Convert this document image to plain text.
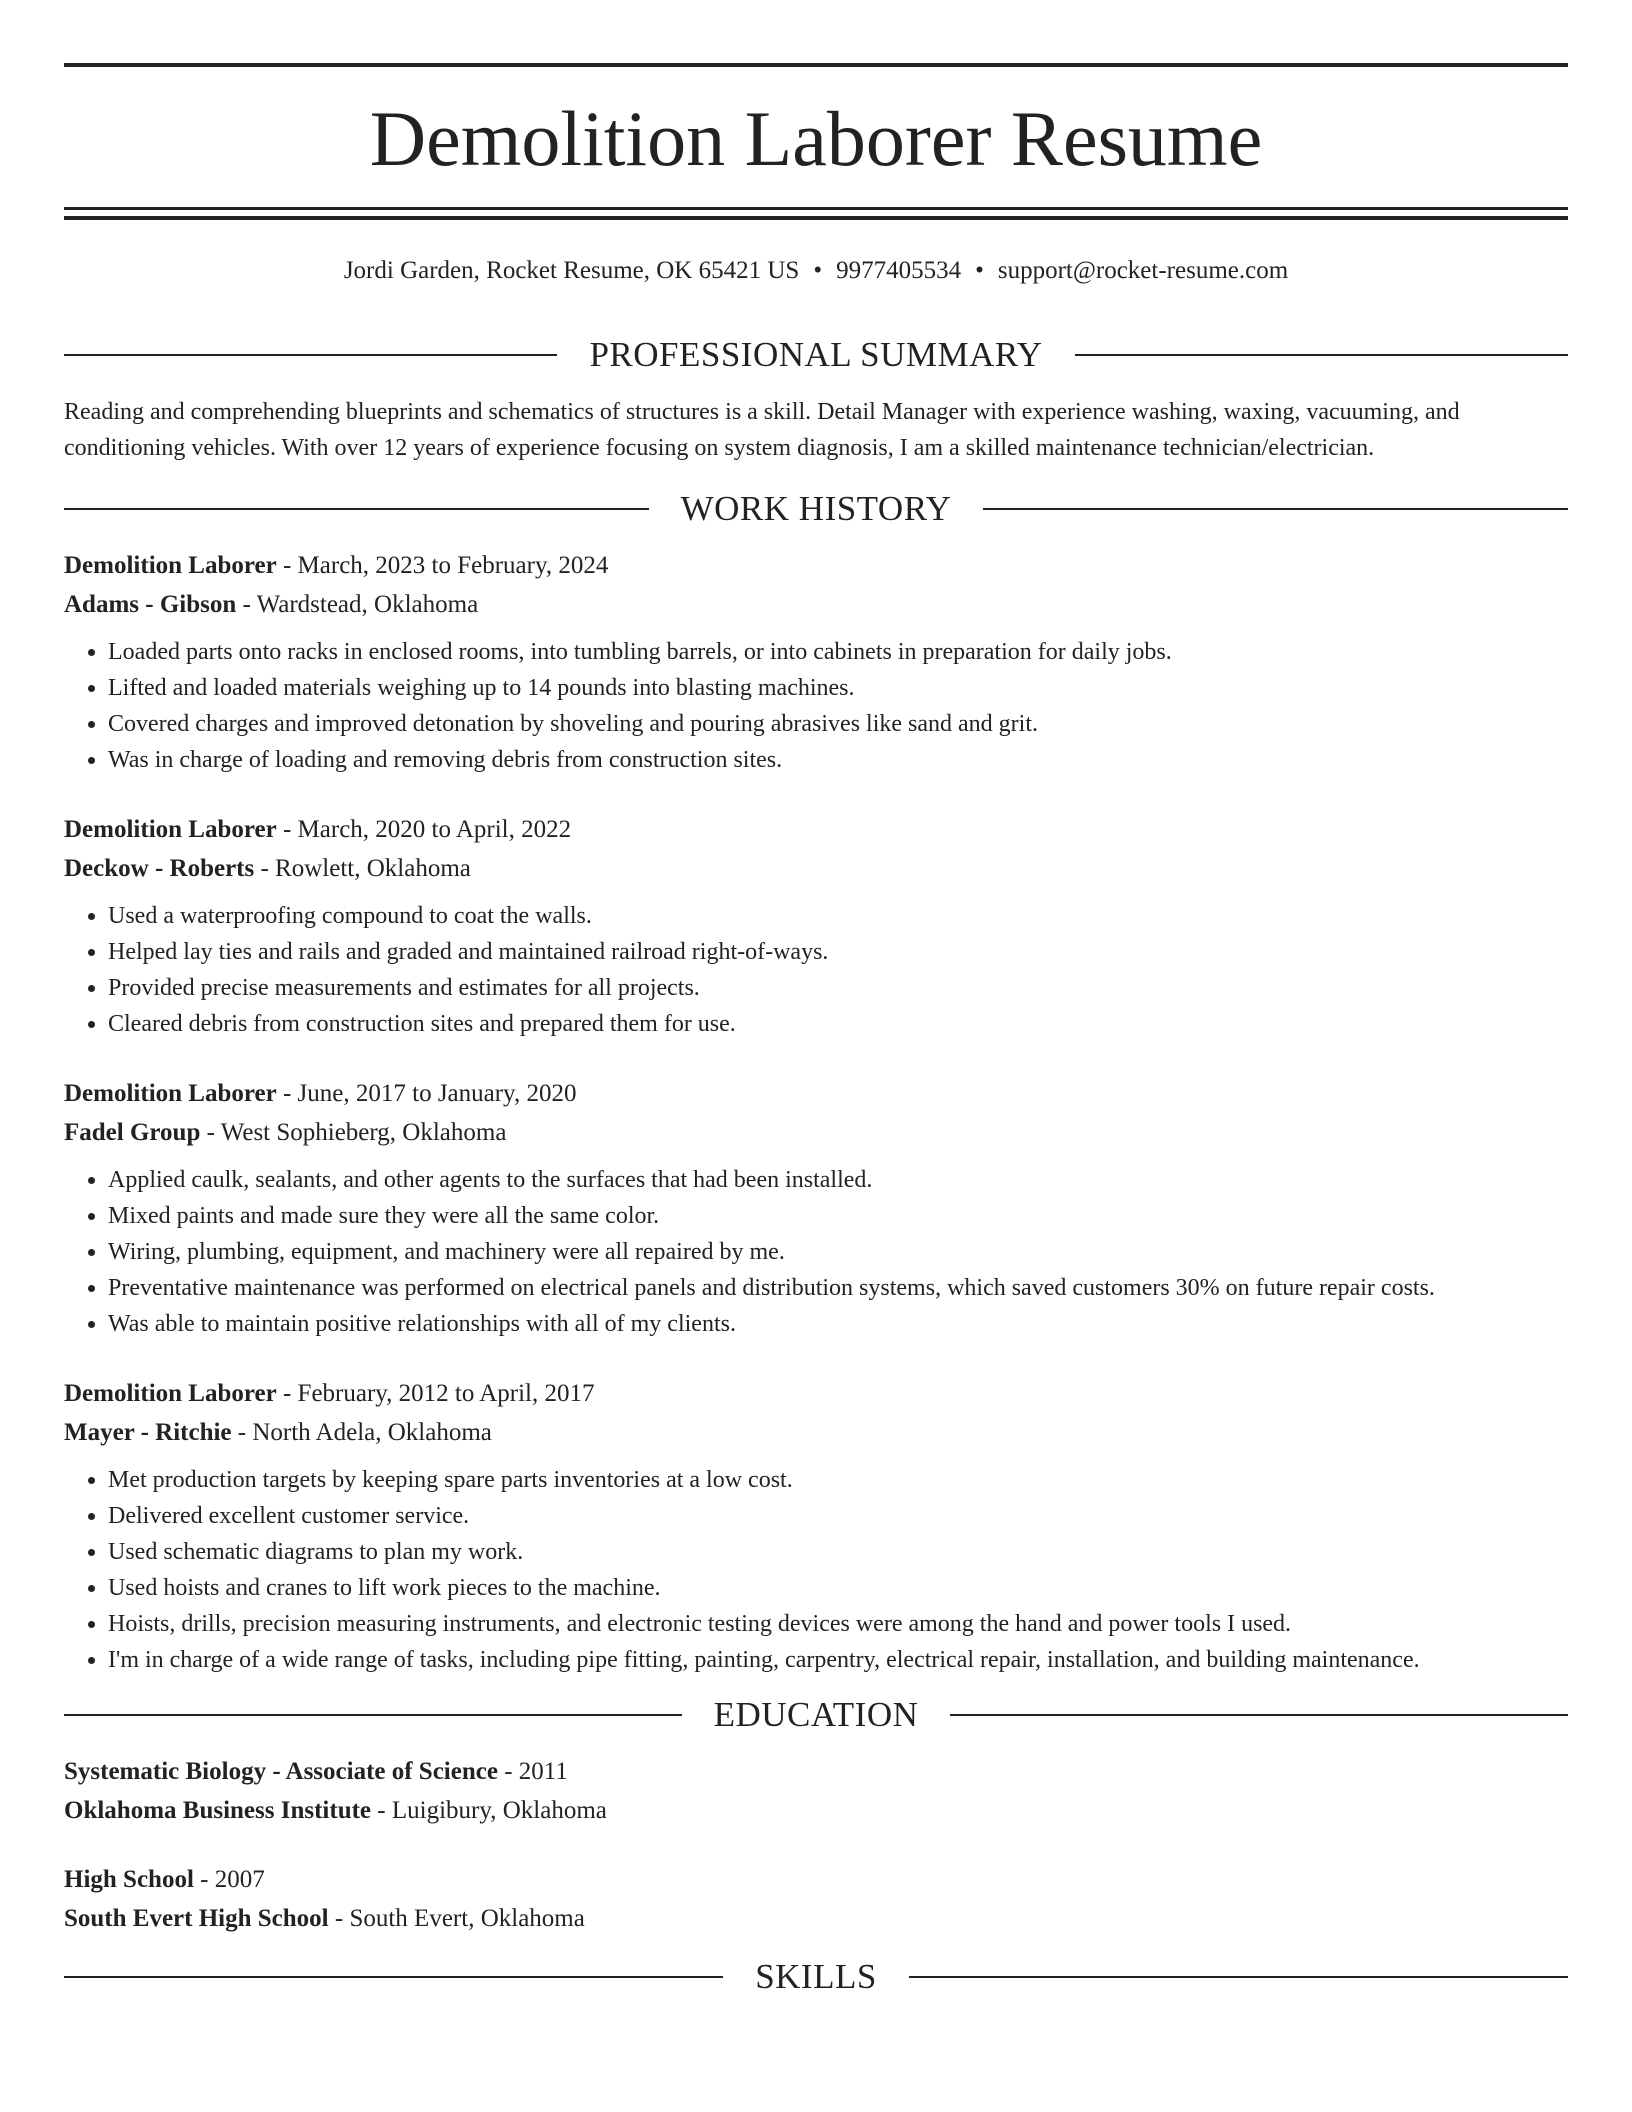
Demolition Laborer Resume
Jordi Garden, Rocket Resume, OK 65421 US • 9977405534 • support@rocket-resume.com
PROFESSIONAL SUMMARY

Reading and comprehending blueprints and schematics of structures is a skill. Detail Manager with experience washing, waxing, vacuuming, and conditioning vehicles. With over 12 years of experience focusing on system diagnosis, I am a skilled maintenance technician/electrician.

WORK HISTORY
Demolition Laborer - March, 2023 to February, 2024
Adams - Gibson - Wardstead, Oklahoma
• Loaded parts onto racks in enclosed rooms, into tumbling barrels, or into cabinets in preparation for daily jobs.
• Lifted and loaded materials weighing up to 14 pounds into blasting machines.
• Covered charges and improved detonation by shoveling and pouring abrasives like sand and grit.
• Was in charge of loading and removing debris from construction sites.
Demolition Laborer - March, 2020 to April, 2022
Deckow - Roberts - Rowlett, Oklahoma
• Used a waterproofing compound to coat the walls.
• Helped lay ties and rails and graded and maintained railroad right-of-ways.
• Provided precise measurements and estimates for all projects.
• Cleared debris from construction sites and prepared them for use.
Demolition Laborer - June, 2017 to January, 2020
Fadel Group - West Sophieberg, Oklahoma
• Applied caulk, sealants, and other agents to the surfaces that had been installed.
• Mixed paints and made sure they were all the same color.
• Wiring, plumbing, equipment, and machinery were all repaired by me.
• Preventative maintenance was performed on electrical panels and distribution systems, which saved customers 30% on future repair costs.
• Was able to maintain positive relationships with all of my clients.
Demolition Laborer - February, 2012 to April, 2017
Mayer - Ritchie - North Adela, Oklahoma
• Met production targets by keeping spare parts inventories at a low cost.
• Delivered excellent customer service.
• Used schematic diagrams to plan my work.
• Used hoists and cranes to lift work pieces to the machine.
• Hoists, drills, precision measuring instruments, and electronic testing devices were among the hand and power tools I used.
• I'm in charge of a wide range of tasks, including pipe fitting, painting, carpentry, electrical repair, installation, and building maintenance.
EDUCATION
Systematic Biology - Associate of Science - 2011
Oklahoma Business Institute - Luigibury, Oklahoma
High School - 2007
South Evert High School - South Evert, Oklahoma
SKILLS
